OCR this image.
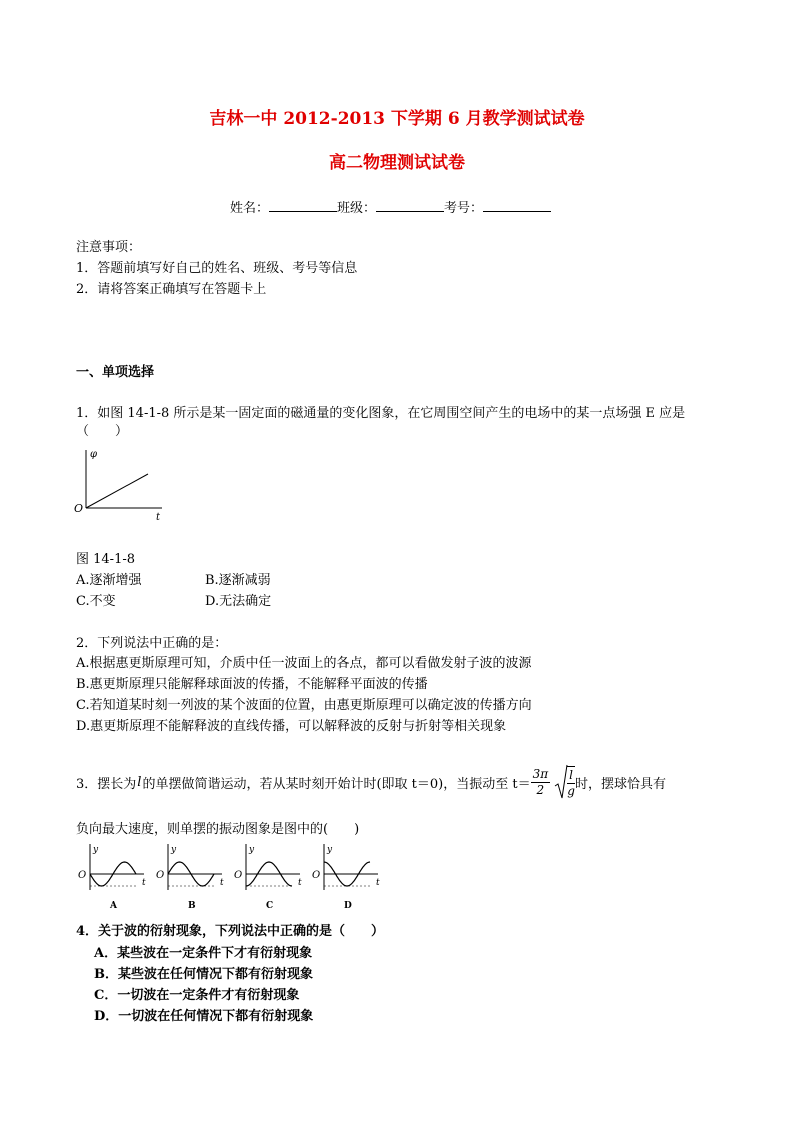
吉林一中 2012-2013 下学期 6 月教学测试试卷
高二物理测试试卷
姓名：	班级：	考号：
注意事项：
1．答题前填写好自己的姓名、班级、考号等信息
2．请将答案正确填写在答题卡上
一、单项选择
1．如图 14-1-8 所示是某一固定面的磁通量的变化图象，在它周围空间产生的电场中的某一点场强 E 应是
（　　）
φ
O
t
图 14-1-8
A.逐渐增强	B.逐渐减弱
C.不变	D.无法确定
2．下列说法中正确的是：
A.根据惠更斯原理可知，介质中任一波面上的各点，都可以看做发射子波的波源
B.惠更斯原理只能解释球面波的传播，不能解释平面波的传播
C.若知道某时刻一列波的某个波面的位置，由惠更斯原理可以确定波的传播方向
D.惠更斯原理不能解释波的直线传播，可以解释波的反射与折射等相关现象
3．摆长为 l 的单摆做简谐运动，若从某时刻开始计时(即取 t＝0)，当振动至 $t= \frac{3\pi}{2} \frac{l}{g}$ 时，摆球恰具有
负向最大速度，则单摆的振动图象是图中的(　　)
y
O
t
A
y
O
t
B
y
O
t
C
y
O
t
D
4．关于波的衍射现象，下列说法中正确的是（　　）
A．某些波在一定条件下才有衍射现象
B．某些波在任何情况下都有衍射现象
C．一切波在一定条件才有衍射现象
D．一切波在任何情况下都有衍射现象
